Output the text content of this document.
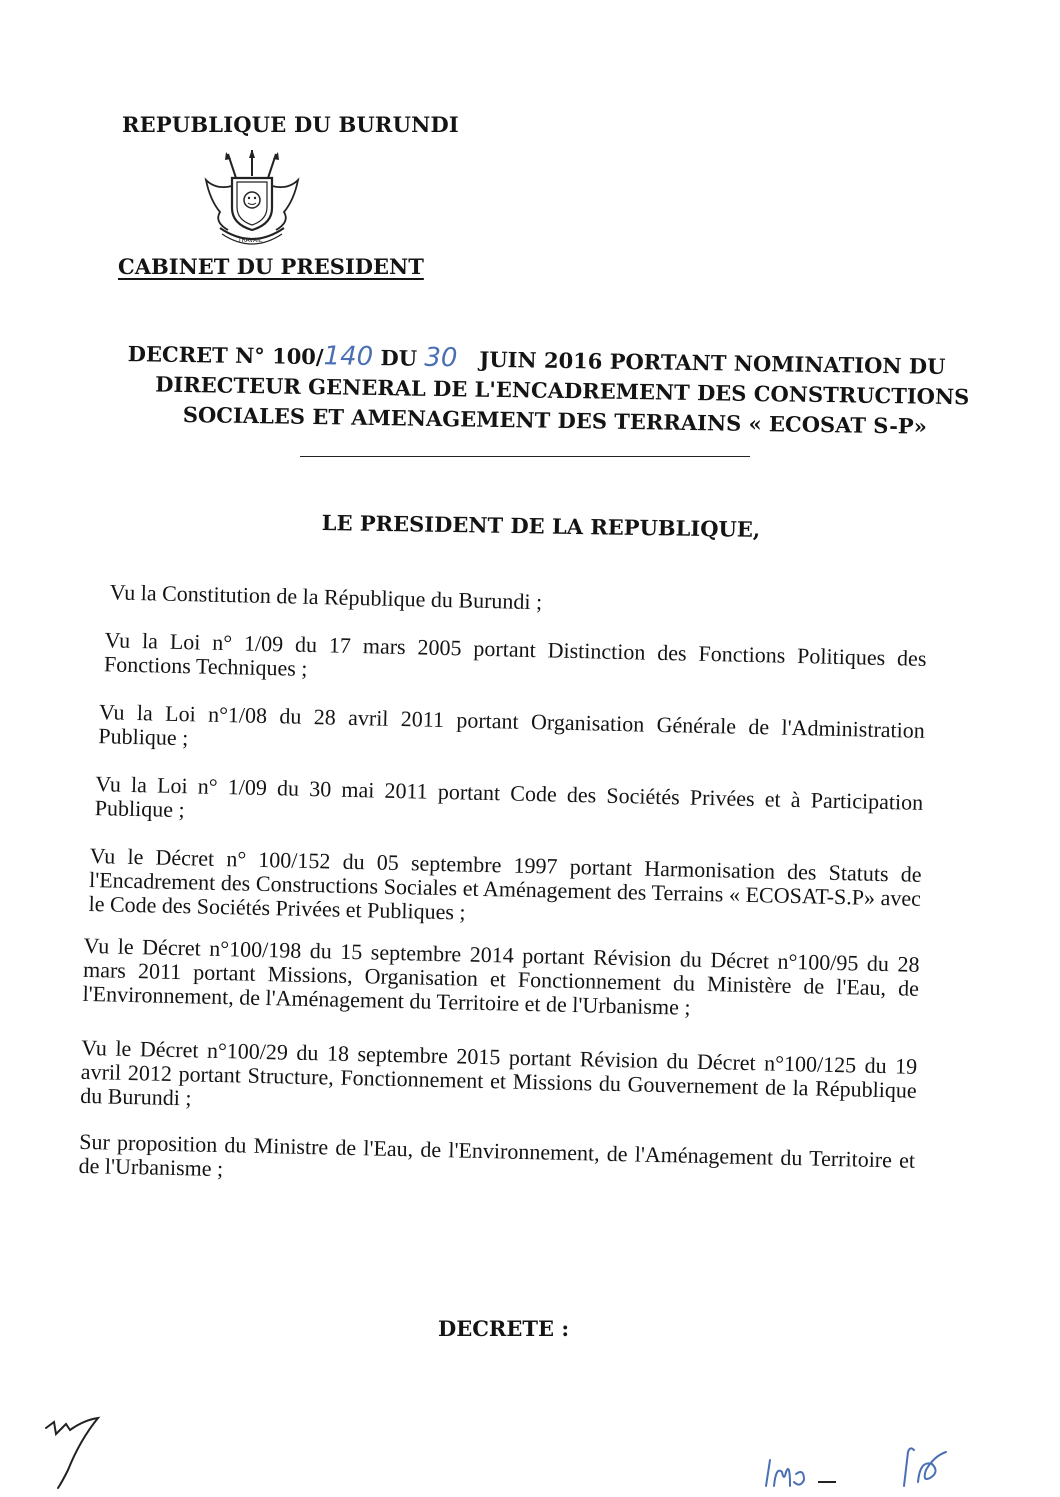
REPUBLIQUE DU BURUNDI
TRAVAIL
CABINET DU PRESIDENT
DECRET N° 100/140 DU 30 JUIN 2016 PORTANT NOMINATION DU
DIRECTEUR GENERAL DE L'ENCADREMENT DES CONSTRUCTIONS
SOCIALES ET AMENAGEMENT DES TERRAINS « ECOSAT S-P»
LE PRESIDENT DE LA REPUBLIQUE,

Vu la Constitution de la République du Burundi ;

Vu la Loi n° 1/09 du 17 mars 2005 portant Distinction des Fonctions Politiques des Fonctions Techniques ;

Vu la Loi n°1/08 du 28 avril 2011 portant Organisation Générale de l'Administration Publique ;

Vu la Loi n° 1/09 du 30 mai 2011 portant Code des Sociétés Privées et à Participation Publique ;

Vu le Décret n° 100/152 du 05 septembre 1997 portant Harmonisation des Statuts de l'Encadrement des Constructions Sociales et Aménagement des Terrains « ECOSAT-S.P» avec le Code des Sociétés Privées et Publiques ;

Vu le Décret n°100/198 du 15 septembre 2014 portant Révision du Décret n°100/95 du 28 mars 2011 portant Missions, Organisation et Fonctionnement du Ministère de l'Eau, de l'Environnement, de l'Aménagement du Territoire et de l'Urbanisme ;

Vu le Décret n°100/29 du 18 septembre 2015 portant Révision du Décret n°100/125 du 19 avril 2012 portant Structure, Fonctionnement et Missions du Gouvernement de la République du Burundi ;

Sur proposition du Ministre de l'Eau, de l'Environnement, de l'Aménagement du Territoire et de l'Urbanisme ;

DECRETE :
